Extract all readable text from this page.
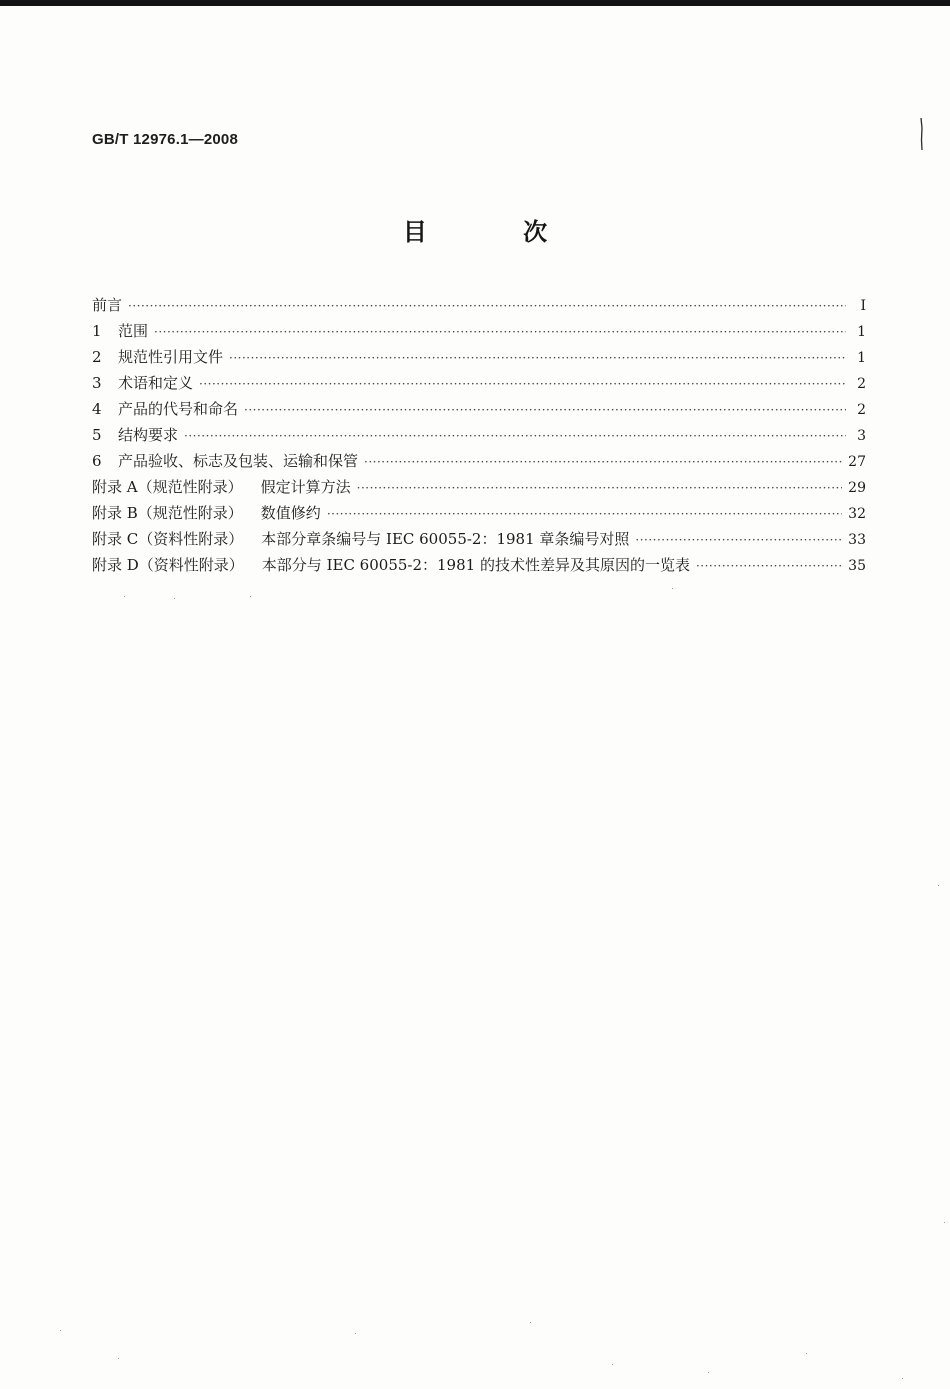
GB/T 12976.1—2008
目 次
前言 ·····	I
1	范围 ·····	1
2	规范性引用文件 ·····	1
3	术语和定义 ·····	2
4	产品的代号和命名 ·····	2
5	结构要求 ·····	3
6	产品验收、标志及包装、运输和保管 ·····	27
附录 A（规范性附录） 假定计算方法 ·····	29
附录 B（规范性附录） 数值修约 ·····	32
附录 C（资料性附录） 本部分章条编号与 IEC 60055-2：1981 章条编号对照 ·····	33
附录 D（资料性附录） 本部分与 IEC 60055-2：1981 的技术性差异及其原因的一览表 ·····	35
